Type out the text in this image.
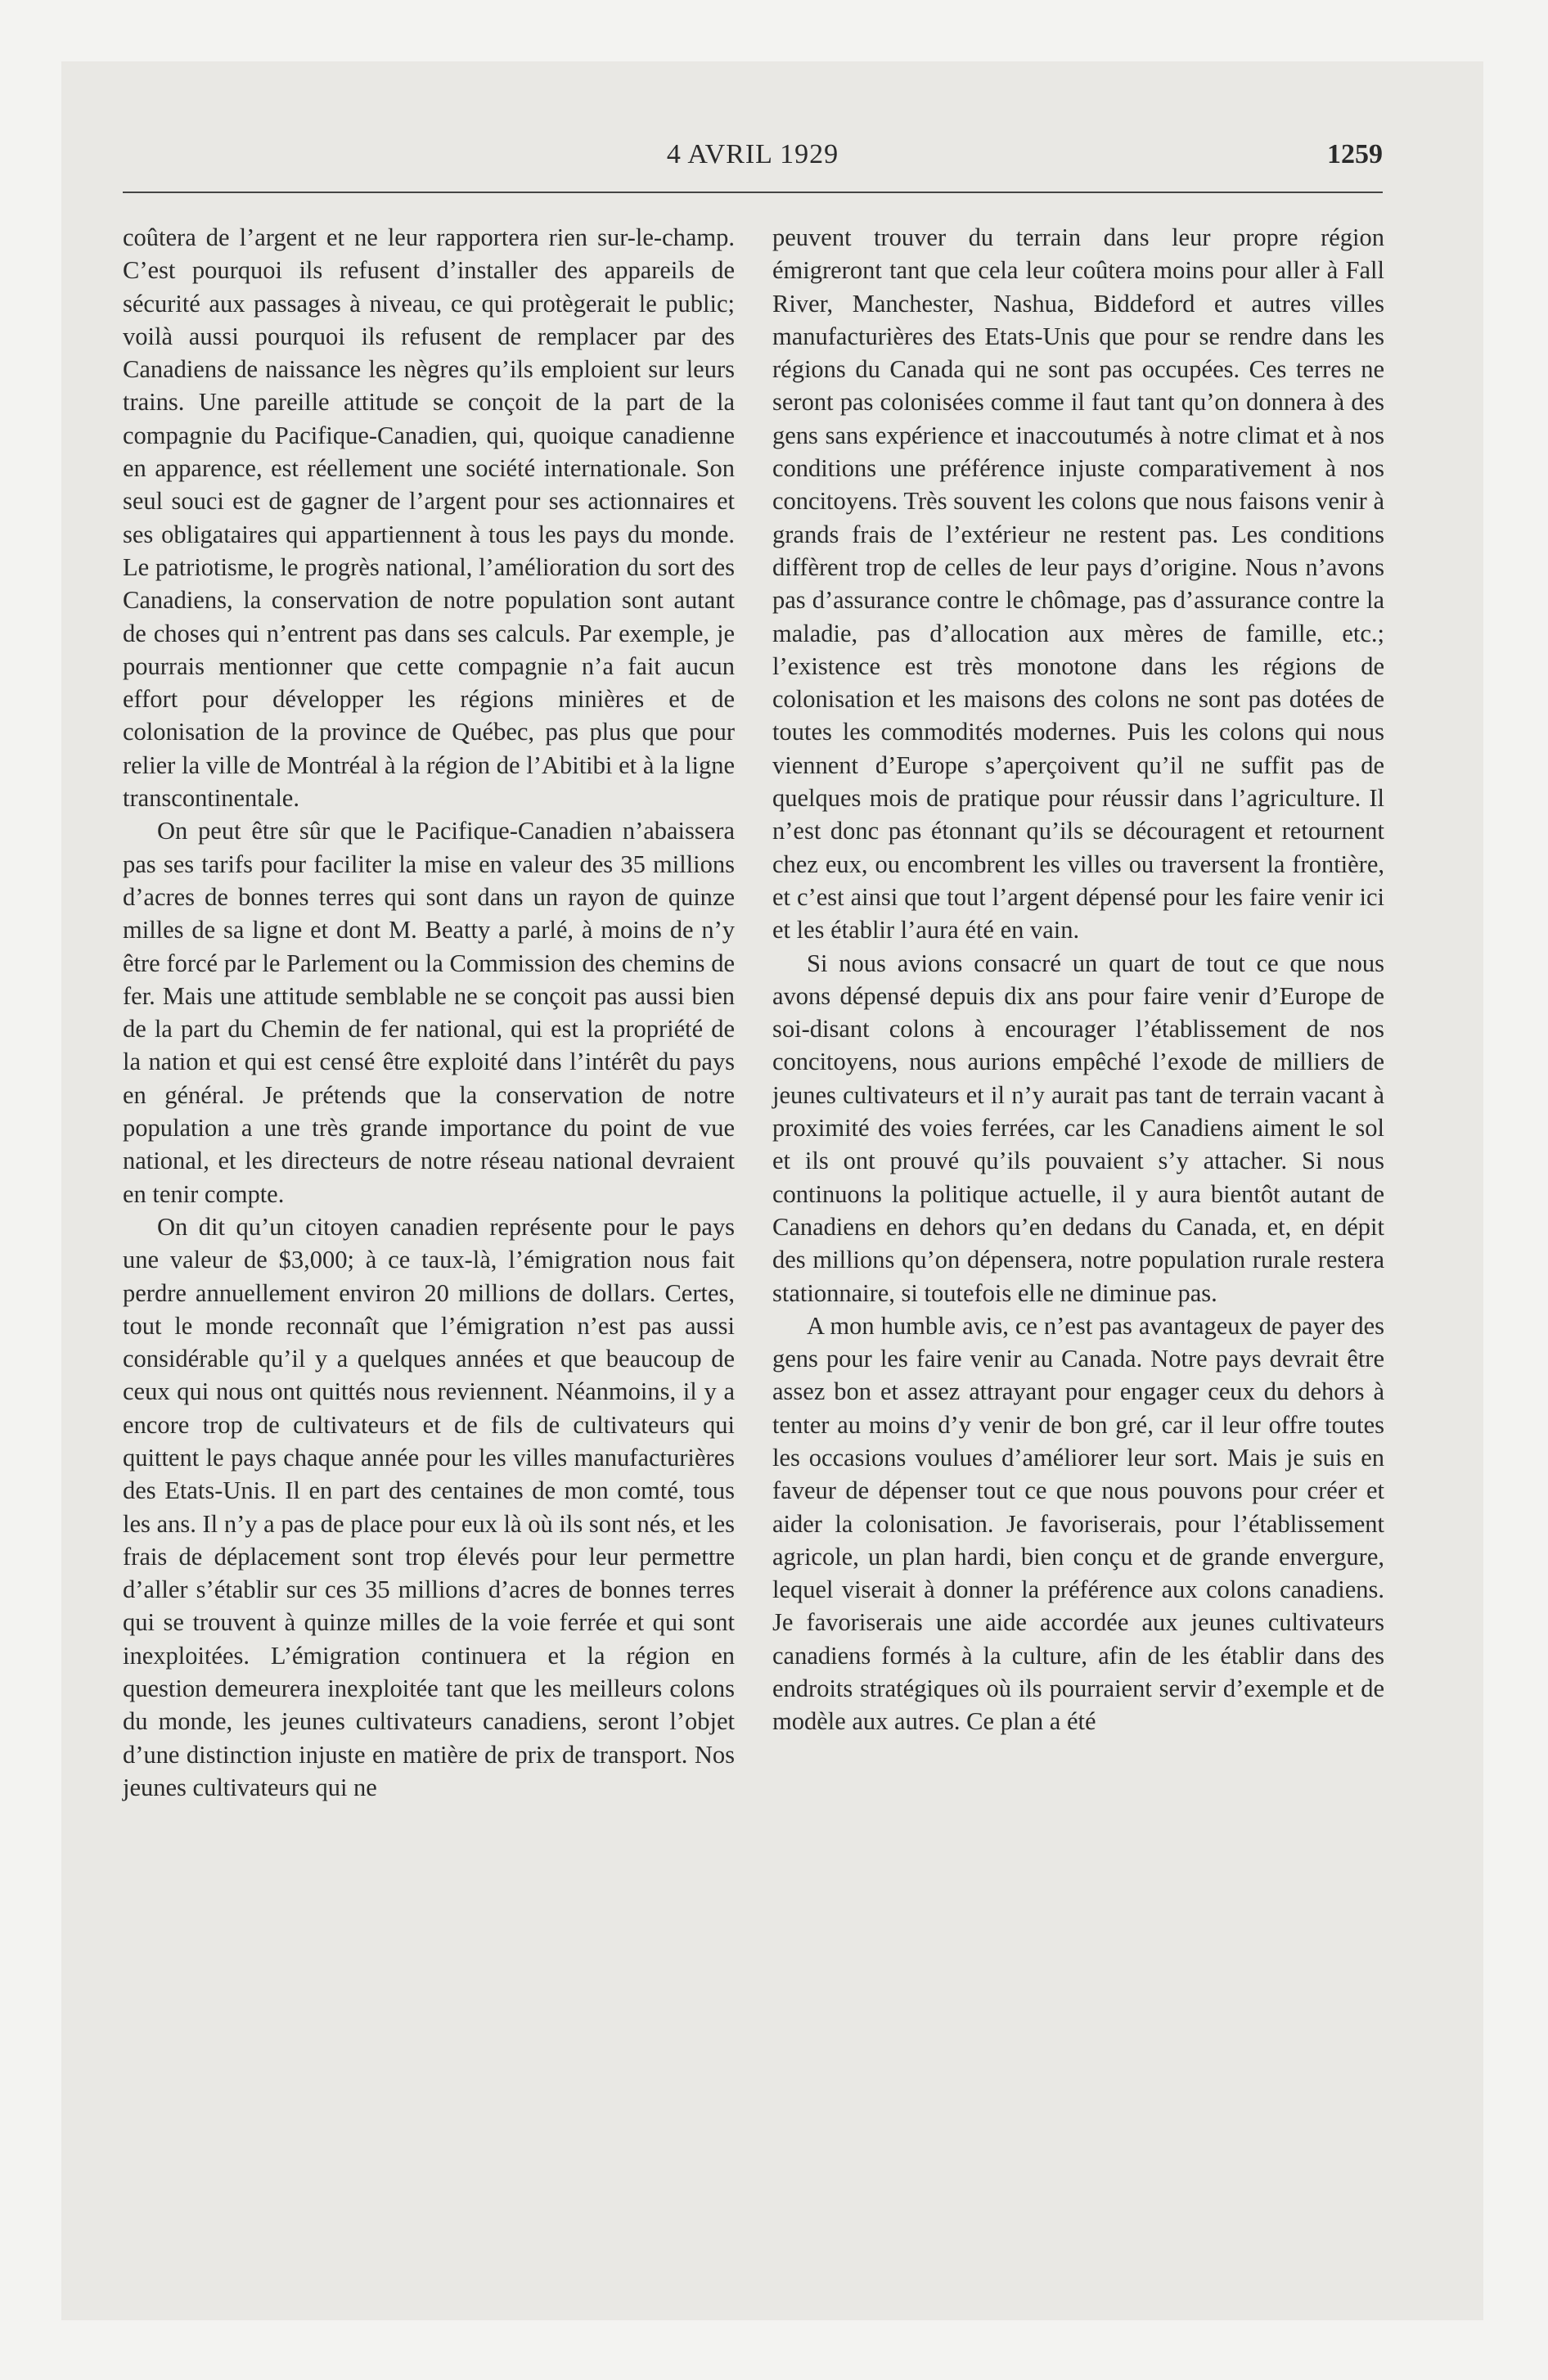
4 AVRIL 1929	1259

coûtera de l’argent et ne leur rapportera rien sur-le-champ. C’est pourquoi ils refusent d’installer des appareils de sécurité aux passages à niveau, ce qui protègerait le public; voilà aussi pourquoi ils refusent de remplacer par des Canadiens de naissance les nègres qu’ils emploient sur leurs trains. Une pareille attitude se conçoit de la part de la compagnie du Pacifique-Canadien, qui, quoique canadienne en apparence, est réellement une société internationale. Son seul souci est de gagner de l’argent pour ses actionnaires et ses obligataires qui appartiennent à tous les pays du monde. Le patriotisme, le progrès national, l’amélioration du sort des Canadiens, la conservation de notre population sont autant de choses qui n’entrent pas dans ses calculs. Par exemple, je pourrais mentionner que cette compagnie n’a fait aucun effort pour développer les régions minières et de colonisation de la province de Québec, pas plus que pour relier la ville de Montréal à la région de l’Abitibi et à la ligne transcontinentale.

On peut être sûr que le Pacifique-Canadien n’abaissera pas ses tarifs pour faciliter la mise en valeur des 35 millions d’acres de bonnes terres qui sont dans un rayon de quinze milles de sa ligne et dont M. Beatty a parlé, à moins de n’y être forcé par le Parlement ou la Commission des chemins de fer. Mais une attitude semblable ne se conçoit pas aussi bien de la part du Chemin de fer national, qui est la propriété de la nation et qui est censé être exploité dans l’intérêt du pays en général. Je prétends que la conservation de notre population a une très grande importance du point de vue national, et les directeurs de notre réseau national devraient en tenir compte.

On dit qu’un citoyen canadien représente pour le pays une valeur de $3,000; à ce taux-là, l’émigration nous fait perdre annuellement environ 20 millions de dollars. Certes, tout le monde reconnaît que l’émigration n’est pas aussi considérable qu’il y a quelques années et que beaucoup de ceux qui nous ont quittés nous reviennent. Néanmoins, il y a encore trop de cultivateurs et de fils de cultivateurs qui quittent le pays chaque année pour les villes manufacturières des Etats-Unis. Il en part des centaines de mon comté, tous les ans. Il n’y a pas de place pour eux là où ils sont nés, et les frais de déplacement sont trop élevés pour leur permettre d’aller s’établir sur ces 35 millions d’acres de bonnes terres qui se trouvent à quinze milles de la voie ferrée et qui sont inexploitées. L’émigration continuera et la région en question demeurera inexploitée tant que les meilleurs colons du monde, les jeunes cultivateurs canadiens, seront l’objet d’une distinction injuste en matière de prix de transport. Nos jeunes cultivateurs qui ne

peuvent trouver du terrain dans leur propre région émigreront tant que cela leur coûtera moins pour aller à Fall River, Manchester, Nashua, Biddeford et autres villes manufacturières des Etats-Unis que pour se rendre dans les régions du Canada qui ne sont pas occupées. Ces terres ne seront pas colonisées comme il faut tant qu’on donnera à des gens sans expérience et inaccoutumés à notre climat et à nos conditions une préférence injuste comparativement à nos concitoyens. Très souvent les colons que nous faisons venir à grands frais de l’extérieur ne restent pas. Les conditions diffèrent trop de celles de leur pays d’origine. Nous n’avons pas d’assurance contre le chômage, pas d’assurance contre la maladie, pas d’allocation aux mères de famille, etc.; l’existence est très monotone dans les régions de colonisation et les maisons des colons ne sont pas dotées de toutes les commodités modernes. Puis les colons qui nous viennent d’Europe s’aperçoivent qu’il ne suffit pas de quelques mois de pratique pour réussir dans l’agriculture. Il n’est donc pas étonnant qu’ils se découragent et retournent chez eux, ou encombrent les villes ou traversent la frontière, et c’est ainsi que tout l’argent dépensé pour les faire venir ici et les établir l’aura été en vain.

Si nous avions consacré un quart de tout ce que nous avons dépensé depuis dix ans pour faire venir d’Europe de soi-disant colons à encourager l’établissement de nos concitoyens, nous aurions empêché l’exode de milliers de jeunes cultivateurs et il n’y aurait pas tant de terrain vacant à proximité des voies ferrées, car les Canadiens aiment le sol et ils ont prouvé qu’ils pouvaient s’y attacher. Si nous continuons la politique actuelle, il y aura bientôt autant de Canadiens en dehors qu’en dedans du Canada, et, en dépit des millions qu’on dépensera, notre population rurale restera stationnaire, si toutefois elle ne diminue pas.

A mon humble avis, ce n’est pas avantageux de payer des gens pour les faire venir au Canada. Notre pays devrait être assez bon et assez attrayant pour engager ceux du dehors à tenter au moins d’y venir de bon gré, car il leur offre toutes les occasions voulues d’améliorer leur sort. Mais je suis en faveur de dépenser tout ce que nous pouvons pour créer et aider la colonisation. Je favoriserais, pour l’établissement agricole, un plan hardi, bien conçu et de grande envergure, lequel viserait à donner la préférence aux colons canadiens. Je favoriserais une aide accordée aux jeunes cultivateurs canadiens formés à la culture, afin de les établir dans des endroits stratégiques où ils pourraient servir d’exemple et de modèle aux autres. Ce plan a été
